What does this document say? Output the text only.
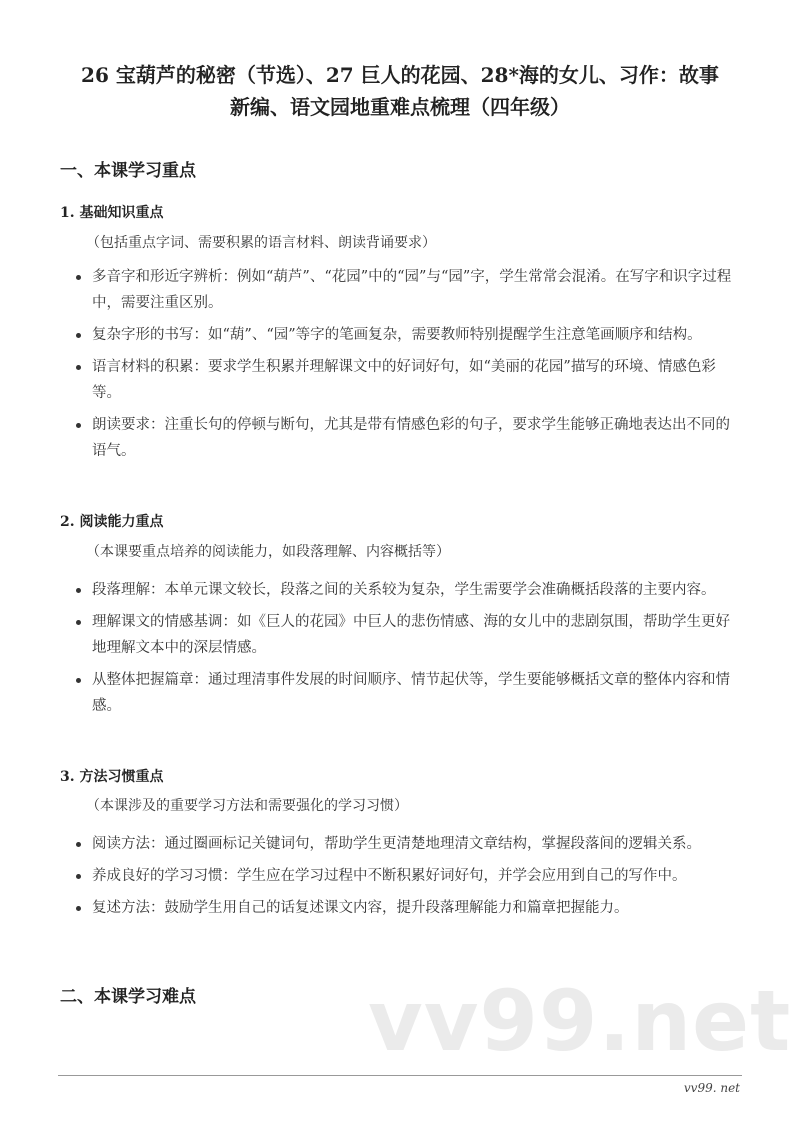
26 宝葫芦的秘密（节选）、27 巨人的花园、28*海的女儿、习作：故事
新编、语文园地重难点梳理（四年级）
一、本课学习重点
1. 基础知识重点
（包括重点字词、需要积累的语言材料、朗读背诵要求）
多音字和形近字辨析：例如“葫芦”、“花园”中的“园”与“园”字，学生常常会混淆。在写字和识字过程中，需要注重区别。
复杂字形的书写：如“葫”、“园”等字的笔画复杂，需要教师特别提醒学生注意笔画顺序和结构。
语言材料的积累：要求学生积累并理解课文中的好词好句，如“美丽的花园”描写的环境、情感色彩等。
朗读要求：注重长句的停顿与断句，尤其是带有情感色彩的句子，要求学生能够正确地表达出不同的语气。
2. 阅读能力重点
（本课要重点培养的阅读能力，如段落理解、内容概括等）
段落理解：本单元课文较长，段落之间的关系较为复杂，学生需要学会准确概括段落的主要内容。
理解课文的情感基调：如《巨人的花园》中巨人的悲伤情感、海的女儿中的悲剧氛围，帮助学生更好地理解文本中的深层情感。
从整体把握篇章：通过理清事件发展的时间顺序、情节起伏等，学生要能够概括文章的整体内容和情感。
3. 方法习惯重点
（本课涉及的重要学习方法和需要强化的学习习惯）
阅读方法：通过圈画标记关键词句，帮助学生更清楚地理清文章结构，掌握段落间的逻辑关系。
养成良好的学习习惯：学生应在学习过程中不断积累好词好句，并学会应用到自己的写作中。
复述方法：鼓励学生用自己的话复述课文内容，提升段落理解能力和篇章把握能力。
二、本课学习难点 vv99.net
vv99. net
